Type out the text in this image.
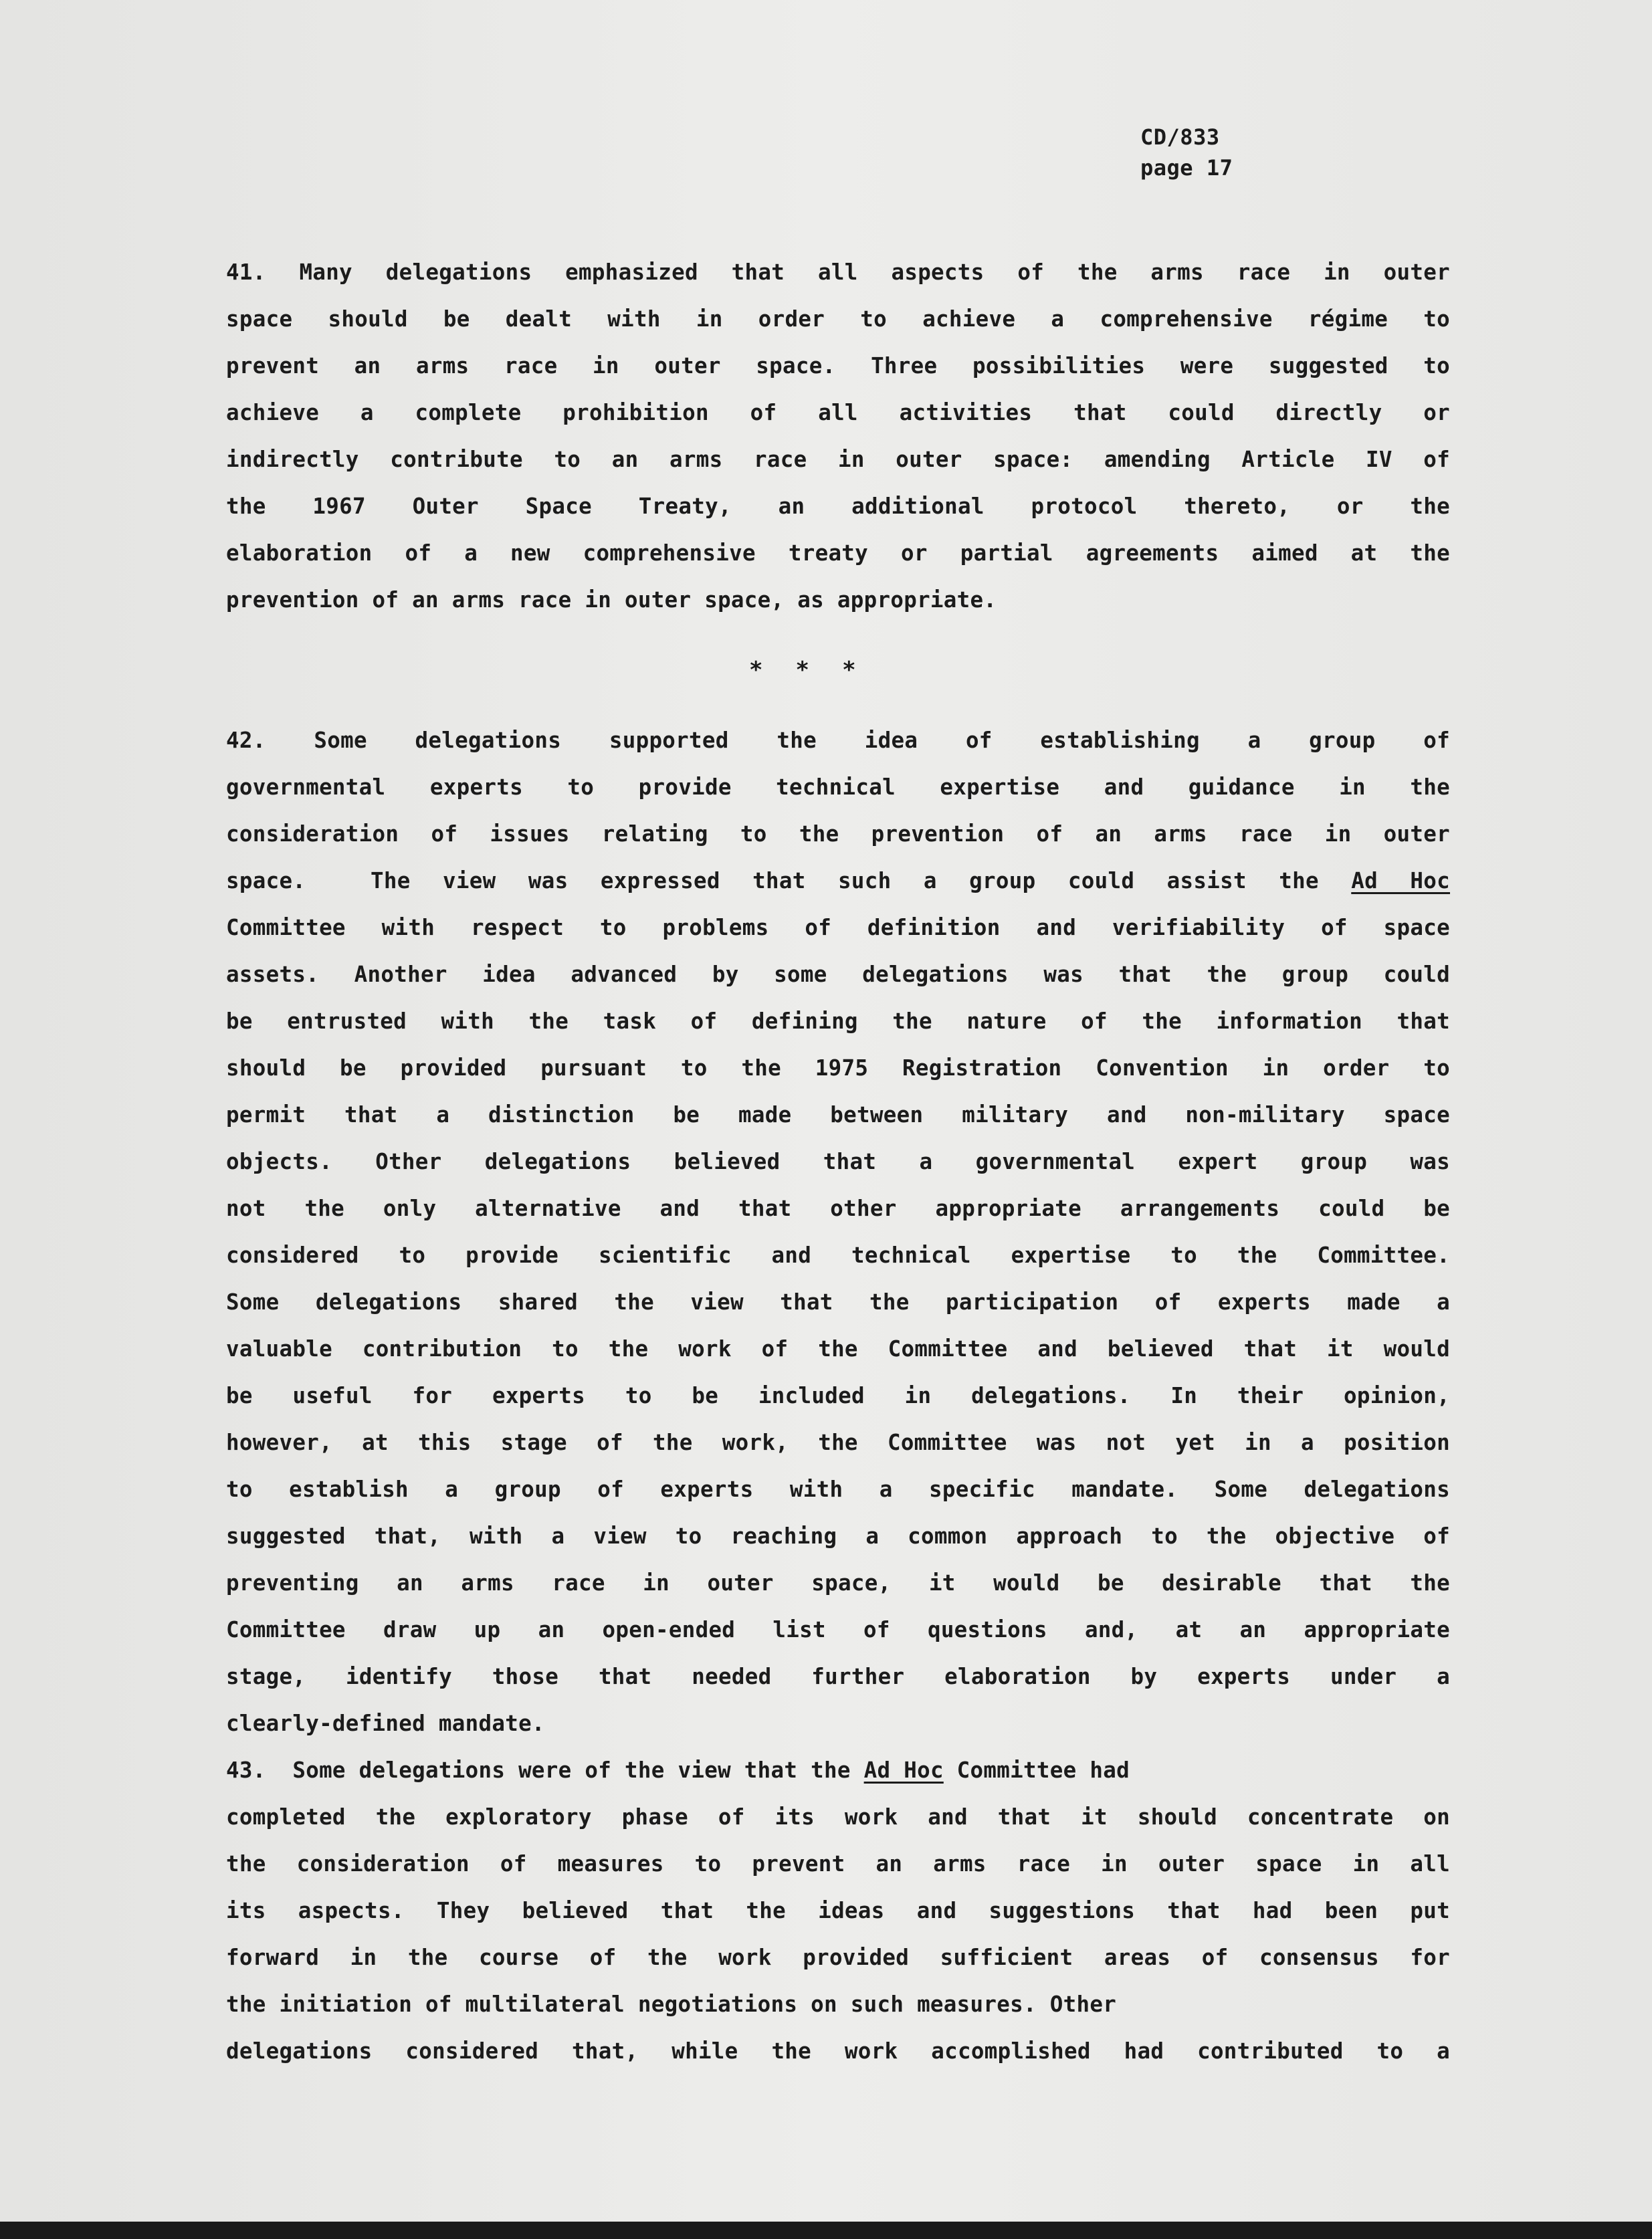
CD/833
page 17
41. Many delegations emphasized that all aspects of the arms race in outer
space should be dealt with in order to achieve a comprehensive régime to
prevent an arms race in outer space. Three possibilities were suggested to
achieve a complete prohibition of all activities that could directly or
indirectly contribute to an arms race in outer space: amending Article IV of
the 1967 Outer Space Treaty, an additional protocol thereto, or the
elaboration of a new comprehensive treaty or partial agreements aimed at the
prevention of an arms race in outer space, as appropriate.
* * *
42. Some delegations supported the idea of establishing a group of
governmental experts to provide technical expertise and guidance in the
consideration of issues relating to the prevention of an arms race in outer
space.  The view was expressed that such a group could assist the Ad Hoc
Committee with respect to problems of definition and verifiability of space
assets. Another idea advanced by some delegations was that the group could
be entrusted with the task of defining the nature of the information that
should be provided pursuant to the 1975 Registration Convention in order to
permit that a distinction be made between military and non-military space
objects. Other delegations believed that a governmental expert group was
not the only alternative and that other appropriate arrangements could be
considered to provide scientific and technical expertise to the Committee.
Some delegations shared the view that the participation of experts made a
valuable contribution to the work of the Committee and believed that it would
be useful for experts to be included in delegations. In their opinion,
however, at this stage of the work, the Committee was not yet in a position
to establish a group of experts with a specific mandate. Some delegations
suggested that, with a view to reaching a common approach to the objective of
preventing an arms race in outer space, it would be desirable that the
Committee draw up an open-ended list of questions and, at an appropriate
stage, identify those that needed further elaboration by experts under a
clearly-defined mandate.
43.  Some delegations were of the view that the Ad Hoc Committee had
completed the exploratory phase of its work and that it should concentrate on
the consideration of measures to prevent an arms race in outer space in all
its aspects. They believed that the ideas and suggestions that had been put
forward in the course of the work provided sufficient areas of consensus for
the initiation of multilateral negotiations on such measures. Other
delegations considered that, while the work accomplished had contributed to a
